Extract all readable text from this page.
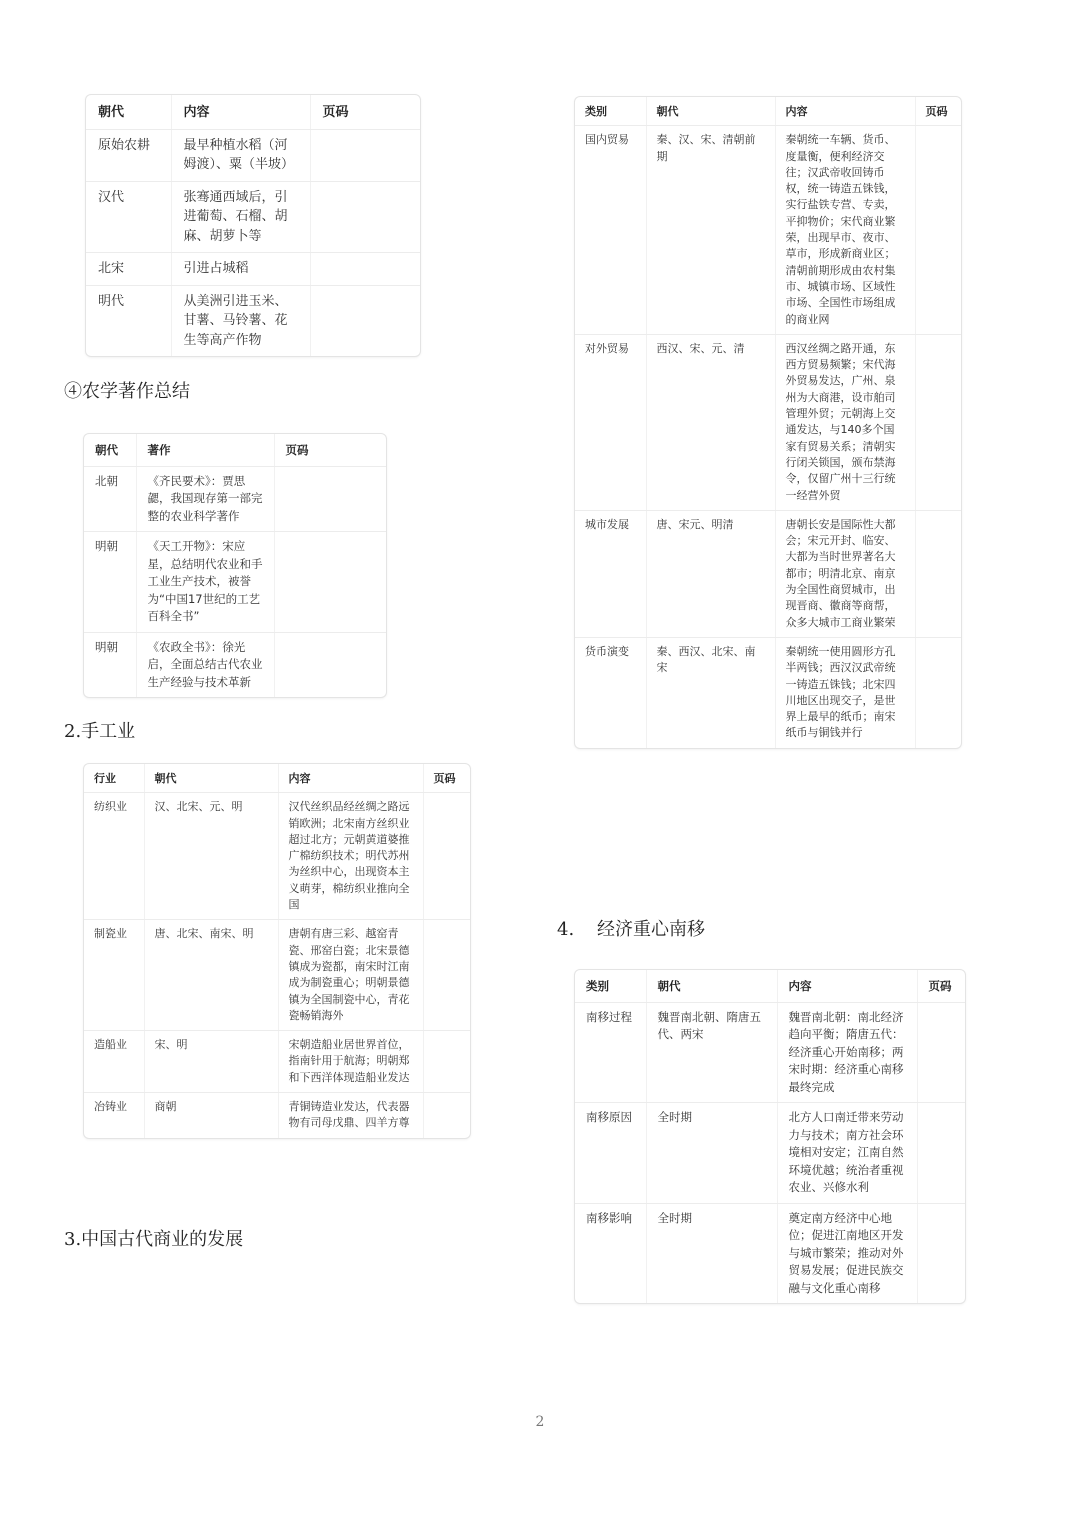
朝代	内容	页码
原始农耕	最早种植水稻（河姆渡）、粟（半坡）	
汉代	张骞通西域后，引进葡萄、石榴、胡麻、胡萝卜等	
北宋	引进占城稻	
明代	从美洲引进玉米、甘薯、马铃薯、花生等高产作物	
④农学著作总结
朝代	著作	页码
北朝	《齐民要术》：贾思勰，我国现存第一部完整的农业科学著作	
明朝	《天工开物》：宋应星，总结明代农业和手工业生产技术，被誉为“中国17世纪的工艺百科全书”	
明朝	《农政全书》：徐光启，全面总结古代农业生产经验与技术革新	
2.手工业
行业	朝代	内容	页码
纺织业	汉、北宋、元、明	汉代丝织品经丝绸之路远销欧洲；北宋南方丝织业超过北方；元朝黄道婆推广棉纺织技术；明代苏州为丝织中心，出现资本主义萌芽，棉纺织业推向全国	
制瓷业	唐、北宋、南宋、明	唐朝有唐三彩、越窑青瓷、邢窑白瓷；北宋景德镇成为瓷都，南宋时江南成为制瓷重心；明朝景德镇为全国制瓷中心，青花瓷畅销海外	
造船业	宋、明	宋朝造船业居世界首位，指南针用于航海；明朝郑和下西洋体现造船业发达	
冶铸业	商朝	青铜铸造业发达，代表器物有司母戊鼎、四羊方尊	
3.中国古代商业的发展
类别	朝代	内容	页码
国内贸易	秦、汉、宋、清朝前期	秦朝统一车辆、货币、度量衡，便利经济交往；汉武帝收回铸币权，统一铸造五铢钱，实行盐铁专营、专卖，平抑物价；宋代商业繁荣，出现早市、夜市、草市，形成新商业区；清朝前期形成由农村集市、城镇市场、区域性市场、全国性市场组成的商业网	
对外贸易	西汉、宋、元、清	西汉丝绸之路开通，东西方贸易频繁；宋代海外贸易发达，广州、泉州为大商港，设市舶司管理外贸；元朝海上交通发达，与140多个国家有贸易关系；清朝实行闭关锁国，颁布禁海令，仅留广州十三行统一经营外贸	
城市发展	唐、宋元、明清	唐朝长安是国际性大都会；宋元开封、临安、大都为当时世界著名大都市；明清北京、南京为全国性商贸城市，出现晋商、徽商等商帮，众多大城市工商业繁荣	
货币演变	秦、西汉、北宋、南宋	秦朝统一使用圆形方孔半两钱；西汉汉武帝统一铸造五铢钱；北宋四川地区出现交子，是世界上最早的纸币；南宋纸币与铜钱并行	
4.    经济重心南移
类别	朝代	内容	页码
南移过程	魏晋南北朝、隋唐五代、两宋	魏晋南北朝：南北经济趋向平衡；隋唐五代：经济重心开始南移；两宋时期：经济重心南移最终完成	
南移原因	全时期	北方人口南迁带来劳动力与技术；南方社会环境相对安定；江南自然环境优越；统治者重视农业、兴修水利	
南移影响	全时期	奠定南方经济中心地位；促进江南地区开发与城市繁荣；推动对外贸易发展；促进民族交融与文化重心南移	
2
